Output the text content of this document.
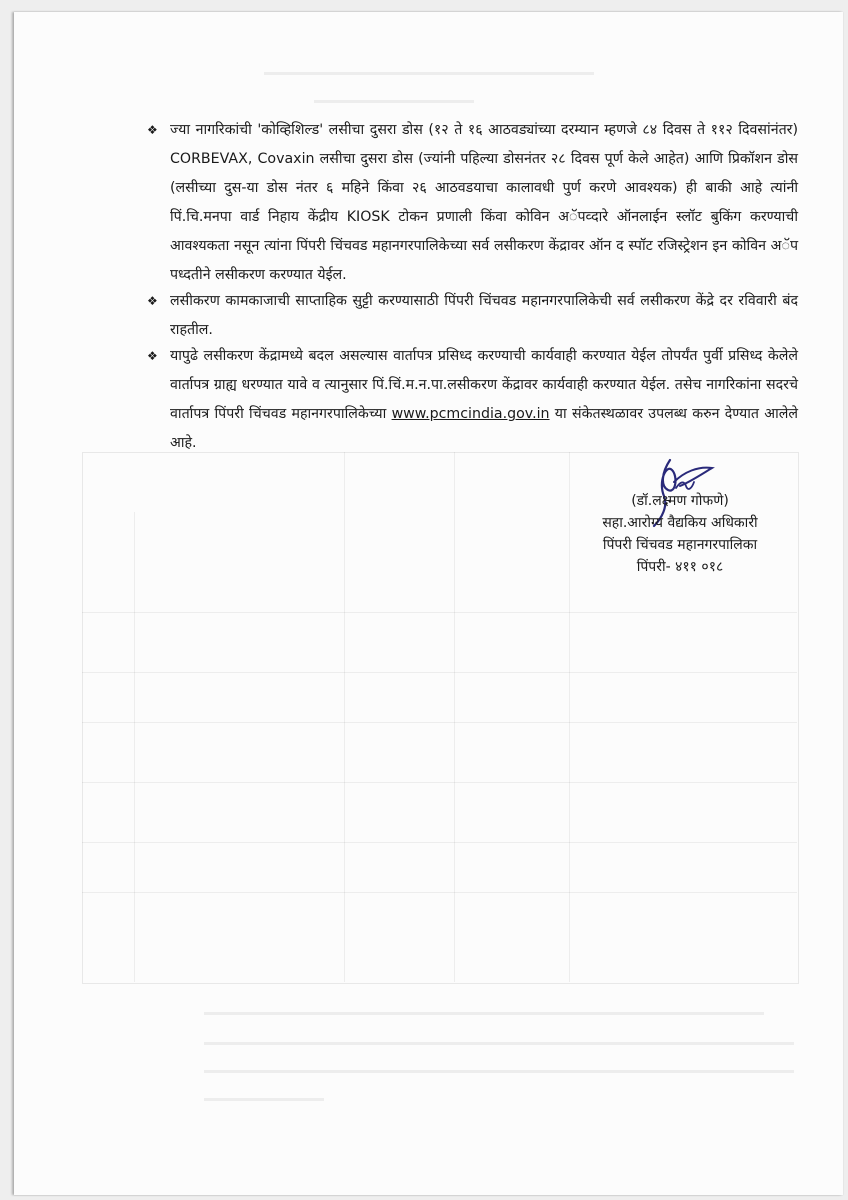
❖ ज्या नागरिकांची 'कोव्हिशिल्ड' लसीचा दुसरा डोस (१२ ते १६ आठवड्यांच्या दरम्यान म्हणजे ८४ दिवस ते ११२ दिवसांनंतर) CORBEVAX, Covaxin लसीचा दुसरा डोस (ज्यांनी पहिल्या डोसनंतर २८ दिवस पूर्ण केले आहेत) आणि प्रिकॉशन डोस (लसीच्या दुस-या डोस नंतर ६ महिने किंवा २६ आठवडयाचा कालावधी पुर्ण करणे आवश्यक) ही बाकी आहे त्यांनी पिं.चि.मनपा वार्ड निहाय केंद्रीय KIOSK टोकन प्रणाली किंवा कोविन अॅपव्दारे ऑनलाईन स्लॉट बुकिंग करण्याची आवश्यकता नसून त्यांना पिंपरी चिंचवड महानगरपालिकेच्या सर्व लसीकरण केंद्रावर ऑन द स्पॉट रजिस्ट्रेशन इन कोविन अॅप पध्दतीने लसीकरण करण्यात येईल.
❖ लसीकरण कामकाजाची साप्ताहिक सुट्टी करण्यासाठी पिंपरी चिंचवड महानगरपालिकेची सर्व लसीकरण केंद्रे दर रविवारी बंद राहतील.
❖ यापुढे लसीकरण केंद्रामध्ये बदल असल्यास वार्तापत्र प्रसिध्द करण्याची कार्यवाही करण्यात येईल तोपर्यंत पुर्वी प्रसिध्द केलेले वार्तापत्र ग्राह्य धरण्यात यावे व त्यानुसार पिं.चिं.म.न.पा.लसीकरण केंद्रावर कार्यवाही करण्यात येईल. तसेच नागरिकांना सदरचे वार्तापत्र पिंपरी चिंचवड महानगरपालिकेच्या www.pcmcindia.gov.in या संकेतस्थळावर उपलब्ध करुन देण्यात आलेले आहे.
(डॉ.लक्ष्मण गोफणे)
सहा.आरोग्य वैद्यकिय अधिकारी
पिंपरी चिंचवड महानगरपालिका
पिंपरी- ४११ ०१८
